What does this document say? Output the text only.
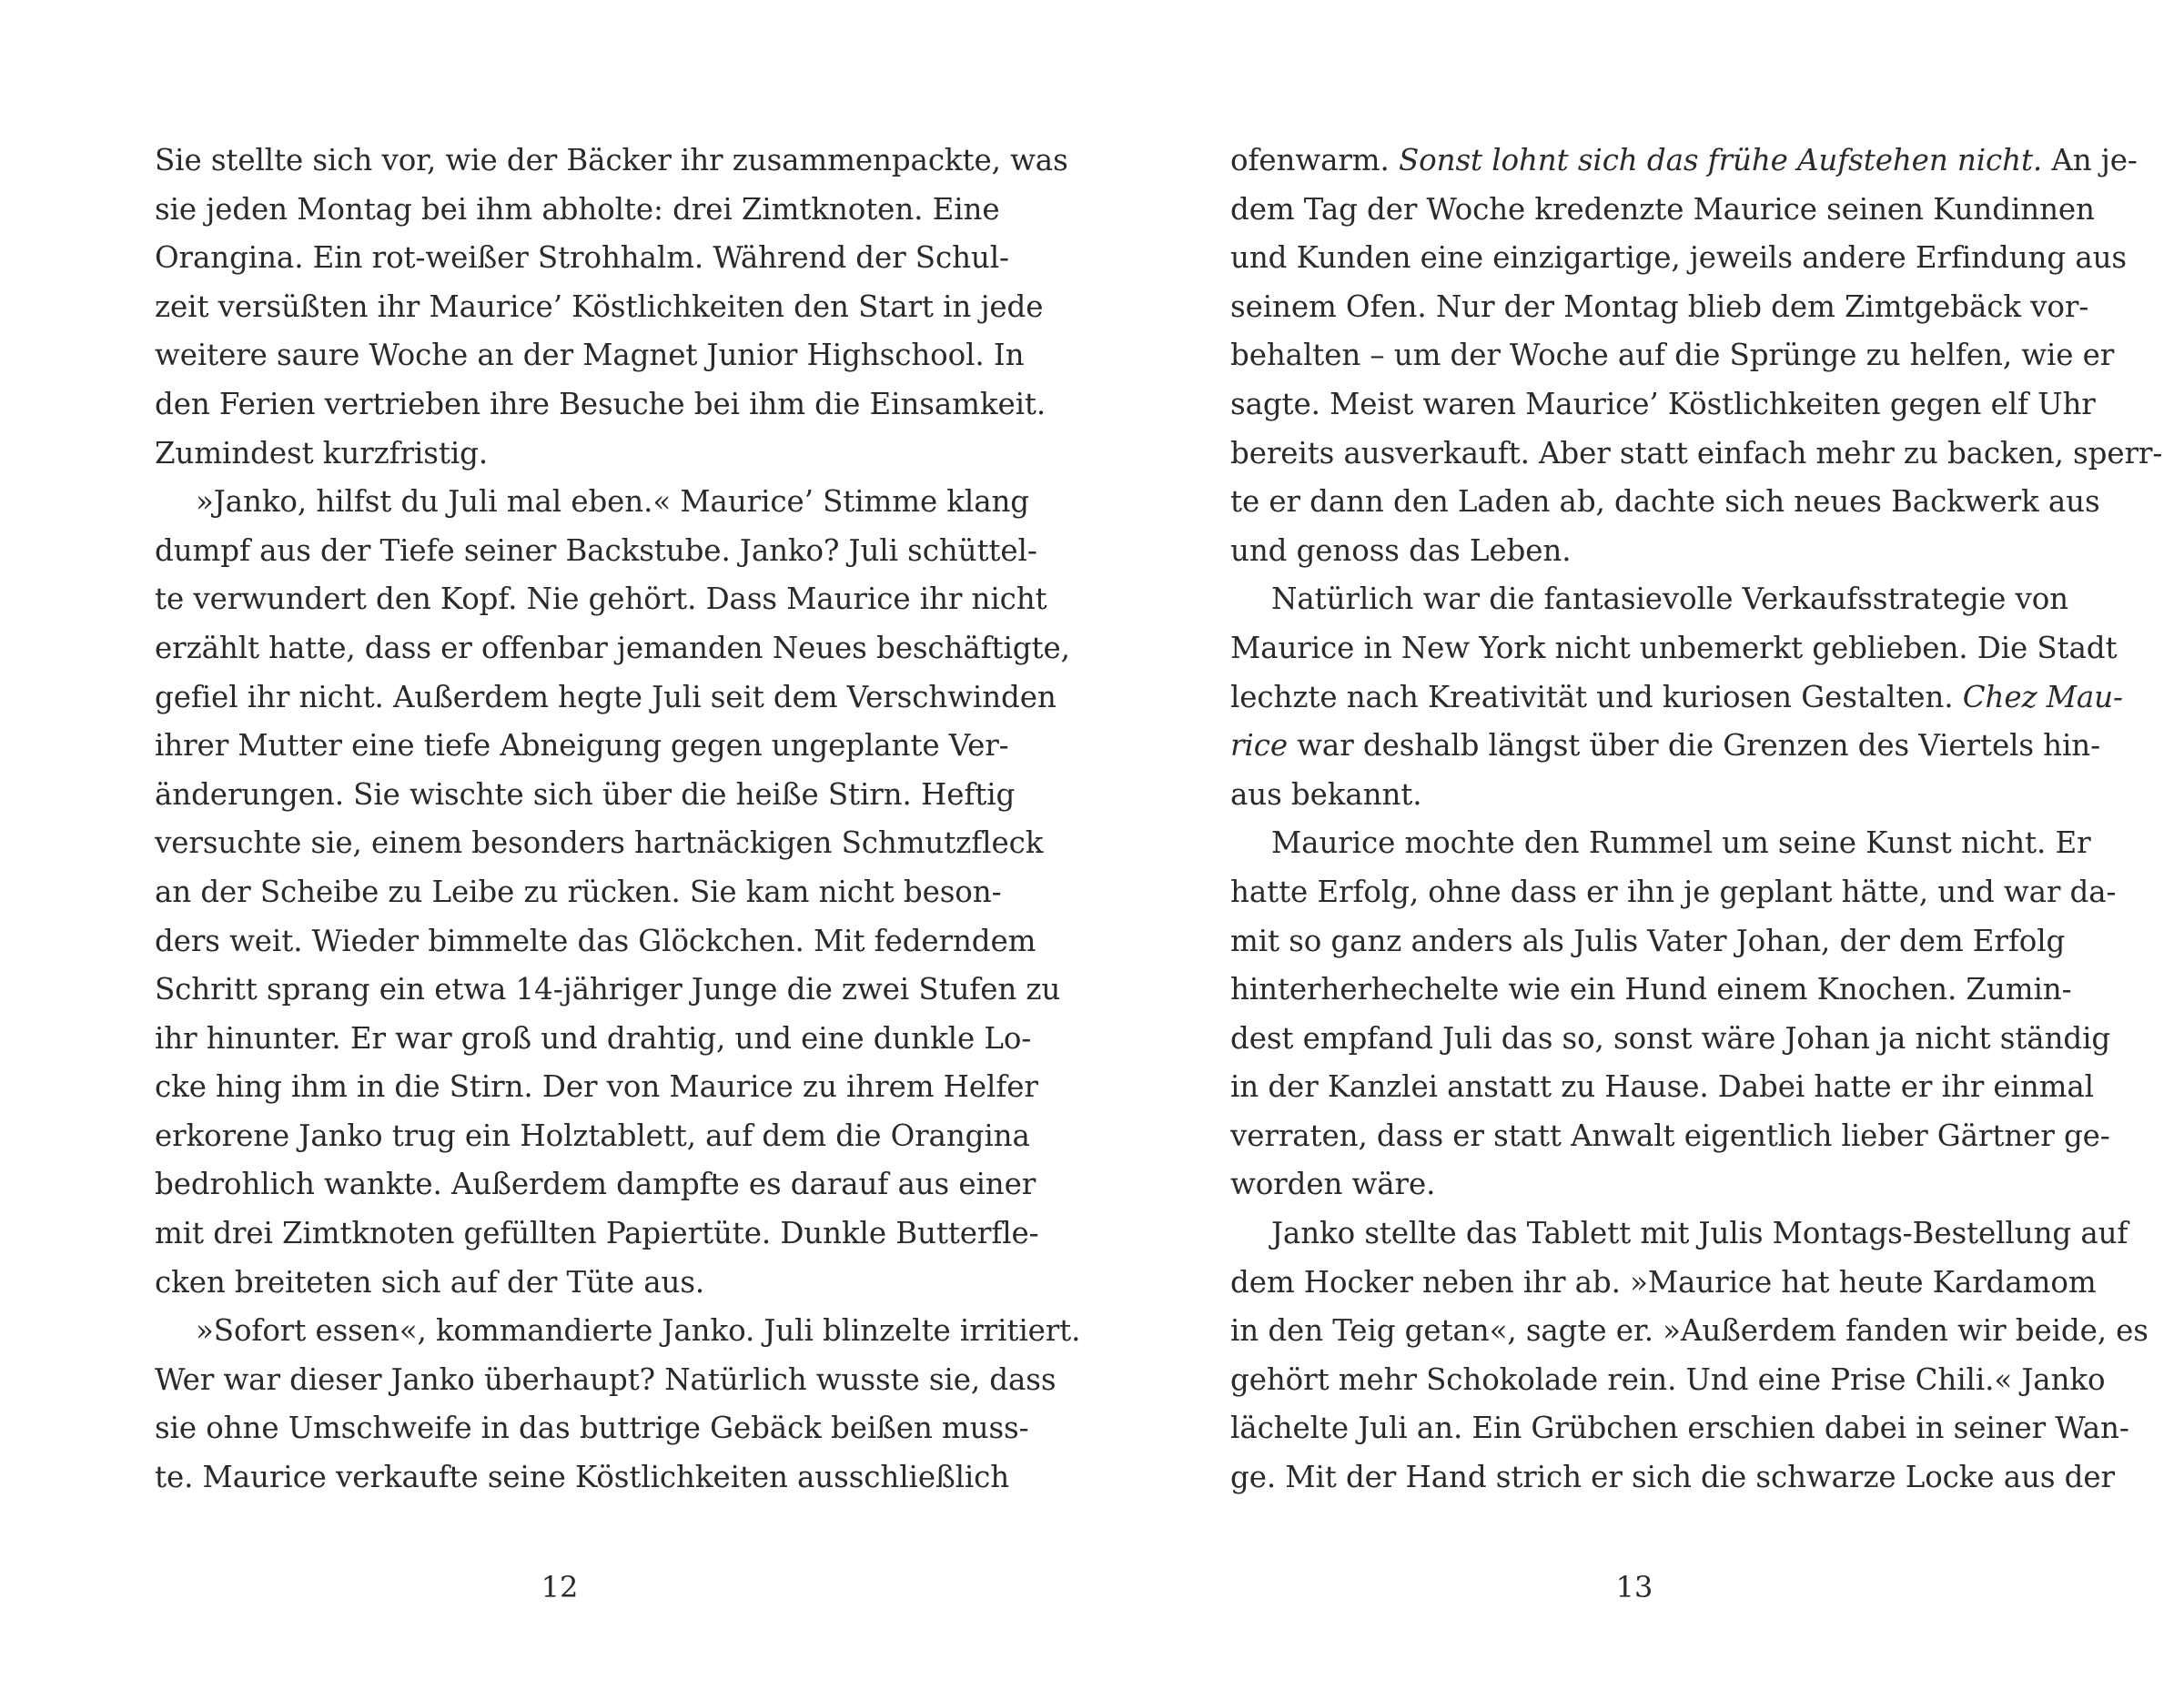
Sie stellte sich vor, wie der Bäcker ihr zusammenpackte, was
sie jeden Montag bei ihm abholte: drei Zimtknoten. Eine
Orangina. Ein rot-weißer Strohhalm. Während der Schul-
zeit versüßten ihr Maurice’ Köstlichkeiten den Start in jede
weitere saure Woche an der Magnet Junior Highschool. In
den Ferien vertrieben ihre Besuche bei ihm die Einsamkeit.
Zumindest kurzfristig.
»Janko, hilfst du Juli mal eben.« Maurice’ Stimme klang
dumpf aus der Tiefe seiner Backstube. Janko? Juli schüttel-
te verwundert den Kopf. Nie gehört. Dass Maurice ihr nicht
erzählt hatte, dass er offenbar jemanden Neues beschäftigte,
gefiel ihr nicht. Außerdem hegte Juli seit dem Verschwinden
ihrer Mutter eine tiefe Abneigung gegen ungeplante Ver-
änderungen. Sie wischte sich über die heiße Stirn. Heftig
versuchte sie, einem besonders hartnäckigen Schmutzfleck
an der Scheibe zu Leibe zu rücken. Sie kam nicht beson-
ders weit. Wieder bimmelte das Glöckchen. Mit federndem
Schritt sprang ein etwa 14-jähriger Junge die zwei Stufen zu
ihr hinunter. Er war groß und drahtig, und eine dunkle Lo-
cke hing ihm in die Stirn. Der von Maurice zu ihrem Helfer
erkorene Janko trug ein Holztablett, auf dem die Orangina
bedrohlich wankte. Außerdem dampfte es darauf aus einer
mit drei Zimtknoten gefüllten Papiertüte. Dunkle Butterfle-
cken breiteten sich auf der Tüte aus.
»Sofort essen«, kommandierte Janko. Juli blinzelte irritiert.
Wer war dieser Janko überhaupt? Natürlich wusste sie, dass
sie ohne Umschweife in das buttrige Gebäck beißen muss-
te. Maurice verkaufte seine Köstlichkeiten ausschließlich
ofenwarm. Sonst lohnt sich das frühe Aufstehen nicht. An je-
dem Tag der Woche kredenzte Maurice seinen Kundinnen
und Kunden eine einzigartige, jeweils andere Erfindung aus
seinem Ofen. Nur der Montag blieb dem Zimtgebäck vor-
behalten – um der Woche auf die Sprünge zu helfen, wie er
sagte. Meist waren Maurice’ Köstlichkeiten gegen elf Uhr
bereits ausverkauft. Aber statt einfach mehr zu backen, sperr-
te er dann den Laden ab, dachte sich neues Backwerk aus
und genoss das Leben.
Natürlich war die fantasievolle Verkaufsstrategie von
Maurice in New York nicht unbemerkt geblieben. Die Stadt
lechzte nach Kreativität und kuriosen Gestalten. Chez Mau-
rice war deshalb längst über die Grenzen des Viertels hin-
aus bekannt.
Maurice mochte den Rummel um seine Kunst nicht. Er
hatte Erfolg, ohne dass er ihn je geplant hätte, und war da-
mit so ganz anders als Julis Vater Johan, der dem Erfolg
hinterherhechelte wie ein Hund einem Knochen. Zumin-
dest empfand Juli das so, sonst wäre Johan ja nicht ständig
in der Kanzlei anstatt zu Hause. Dabei hatte er ihr einmal
verraten, dass er statt Anwalt eigentlich lieber Gärtner ge-
worden wäre.
Janko stellte das Tablett mit Julis Montags-Bestellung auf
dem Hocker neben ihr ab. »Maurice hat heute Kardamom
in den Teig getan«, sagte er. »Außerdem fanden wir beide, es
gehört mehr Schokolade rein. Und eine Prise Chili.« Janko
lächelte Juli an. Ein Grübchen erschien dabei in seiner Wan-
ge. Mit der Hand strich er sich die schwarze Locke aus der
12	13
